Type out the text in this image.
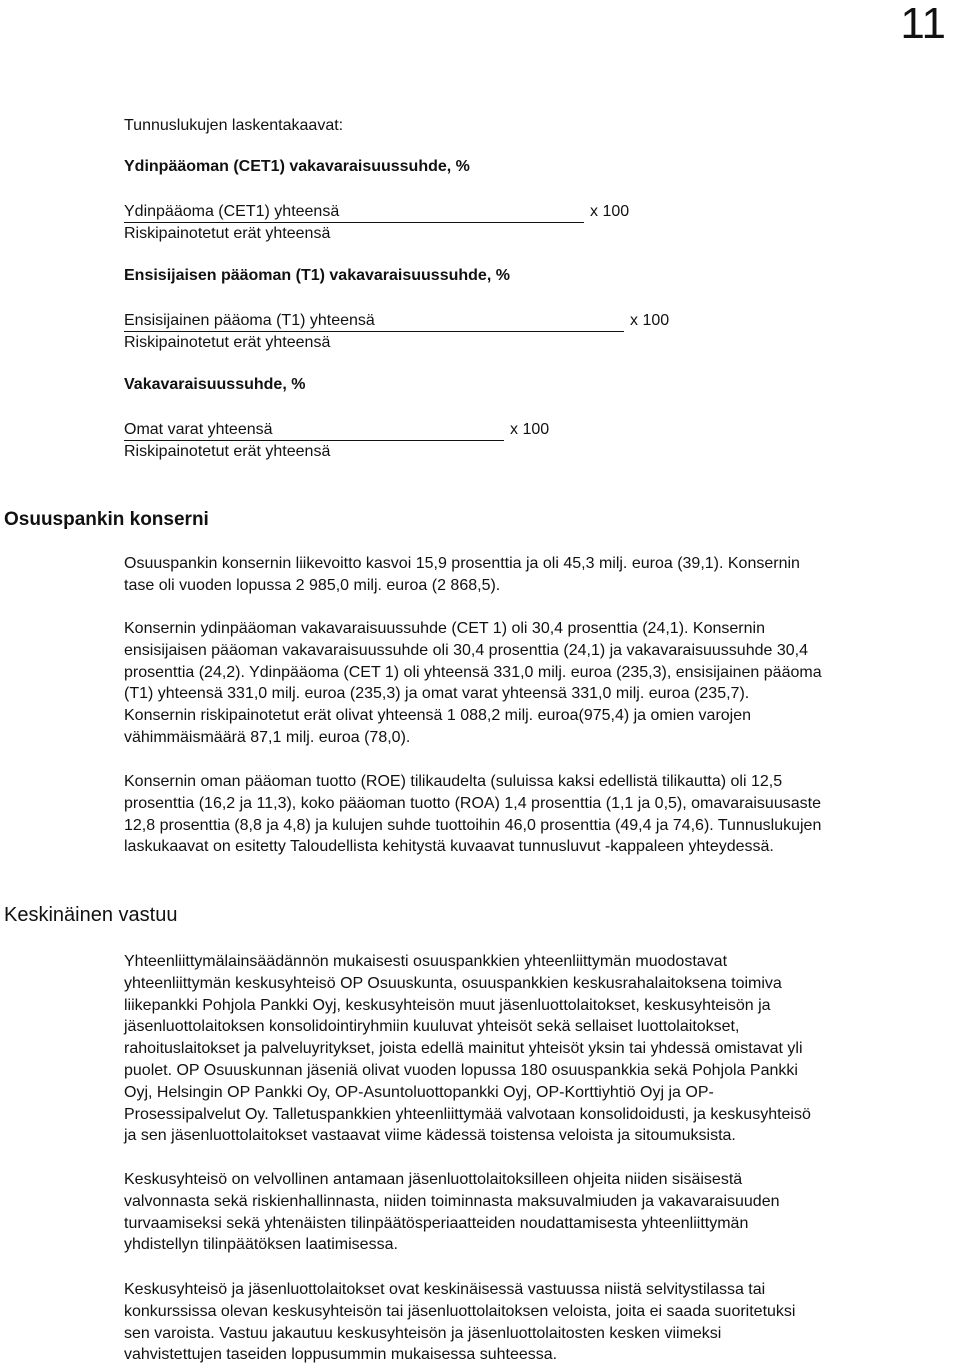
11
Tunnuslukujen laskentakaavat:
Ydinpääoman (CET1) vakavaraisuussuhde, %
Ydinpääoma (CET1) yhteensä	x 100
Riskipainotetut erät yhteensä
Ensisijaisen pääoman (T1) vakavaraisuussuhde, %
Ensisijainen pääoma (T1) yhteensä	x 100
Riskipainotetut erät yhteensä
Vakavaraisuussuhde, %
Omat varat yhteensä	x 100
Riskipainotetut erät yhteensä
Osuuspankin konserni
Osuuspankin konsernin liikevoitto kasvoi 15,9 prosenttia ja oli 45,3 milj. euroa (39,1). Konsernin
tase oli vuoden lopussa 2 985,0 milj. euroa (2 868,5).
Konsernin ydinpääoman vakavaraisuussuhde (CET 1) oli 30,4 prosenttia (24,1). Konsernin
ensisijaisen pääoman vakavaraisuussuhde oli 30,4 prosenttia (24,1) ja vakavaraisuussuhde 30,4
prosenttia (24,2). Ydinpääoma (CET 1) oli yhteensä 331,0 milj. euroa (235,3), ensisijainen pääoma
(T1) yhteensä 331,0 milj. euroa (235,3) ja omat varat yhteensä 331,0 milj. euroa (235,7).
Konsernin riskipainotetut erät olivat yhteensä 1 088,2 milj. euroa(975,4) ja omien varojen
vähimmäismäärä 87,1 milj. euroa (78,0).
Konsernin oman pääoman tuotto (ROE) tilikaudelta (suluissa kaksi edellistä tilikautta) oli 12,5
prosenttia (16,2 ja 11,3), koko pääoman tuotto (ROA) 1,4 prosenttia (1,1 ja 0,5), omavaraisuusaste
12,8 prosenttia (8,8 ja 4,8) ja kulujen suhde tuottoihin 46,0 prosenttia (49,4 ja 74,6). Tunnuslukujen
laskukaavat on esitetty Taloudellista kehitystä kuvaavat tunnusluvut -kappaleen yhteydessä.
Keskinäinen vastuu
Yhteenliittymälainsäädännön mukaisesti osuuspankkien yhteenliittymän muodostavat
yhteenliittymän keskusyhteisö OP Osuuskunta, osuuspankkien keskusrahalaitoksena toimiva
liikepankki Pohjola Pankki Oyj, keskusyhteisön muut jäsenluottolaitokset, keskusyhteisön ja
jäsenluottolaitoksen konsolidointiryhmiin kuuluvat yhteisöt sekä sellaiset luottolaitokset,
rahoituslaitokset ja palveluyritykset, joista edellä mainitut yhteisöt yksin tai yhdessä omistavat yli
puolet. OP Osuuskunnan jäseniä olivat vuoden lopussa 180 osuuspankkia sekä Pohjola Pankki
Oyj, Helsingin OP Pankki Oy, OP-Asuntoluottopankki Oyj, OP-Korttiyhtiö Oyj ja OP-
Prosessipalvelut Oy. Talletuspankkien yhteenliittymää valvotaan konsolidoidusti, ja keskusyhteisö
ja sen jäsenluottolaitokset vastaavat viime kädessä toistensa veloista ja sitoumuksista.
Keskusyhteisö on velvollinen antamaan jäsenluottolaitoksilleen ohjeita niiden sisäisestä
valvonnasta sekä riskienhallinnasta, niiden toiminnasta maksuvalmiuden ja vakavaraisuuden
turvaamiseksi sekä yhtenäisten tilinpäätösperiaatteiden noudattamisesta yhteenliittymän
yhdistellyn tilinpäätöksen laatimisessa.
Keskusyhteisö ja jäsenluottolaitokset ovat keskinäisessä vastuussa niistä selvitystilassa tai
konkurssissa olevan keskusyhteisön tai jäsenluottolaitoksen veloista, joita ei saada suoritetuksi
sen varoista. Vastuu jakautuu keskusyhteisön ja jäsenluottolaitosten kesken viimeksi
vahvistettujen taseiden loppusummin mukaisessa suhteessa.
